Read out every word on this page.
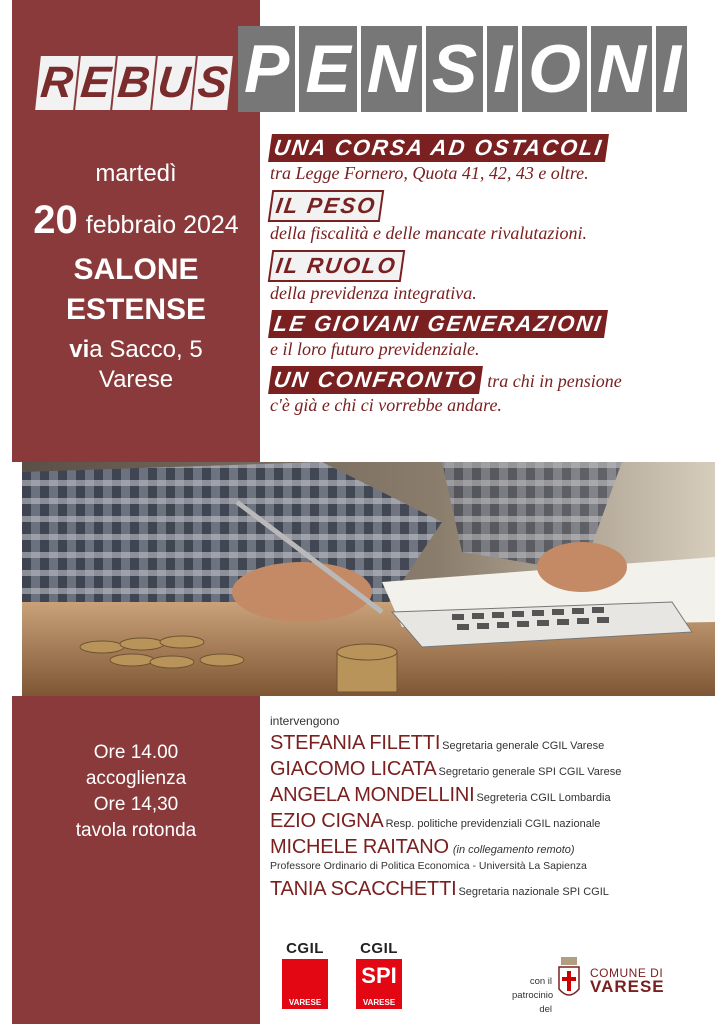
R E B U S P E N S I O N I
martedì
20 febbraio 2024
SALONE
ESTENSE
via Sacco, 5
Varese
UNA CORSA AD OSTACOLI
tra Legge Fornero, Quota 41, 42, 43 e oltre.
IL PESO
della fiscalità e delle mancate rivalutazioni.
IL RUOLO
della previdenza integrativa.
LE GIOVANI GENERAZIONI
e il loro futuro previdenziale.
UN CONFRONTO tra chi in pensione
c'è già e chi ci vorrebbe andare.
Ore 14.00
accoglienza
Ore 14,30
tavola rotonda
intervengono
STEFANIA FILETTI Segretaria generale CGIL Varese
GIACOMO LICATA Segretario generale SPI CGIL Varese
ANGELA MONDELLINI Segreteria CGIL Lombardia
EZIO CIGNA Resp. politiche previdenziali CGIL nazionale
MICHELE RAITANO (in collegamento remoto)
Professore Ordinario di Politica Economica - Università La Sapienza
TANIA SCACCHETTI Segretaria nazionale SPI CGIL
CGIL
VARESE
CGIL
SPI
VARESE
con il
patrocinio del
COMUNE DI
VARESE
